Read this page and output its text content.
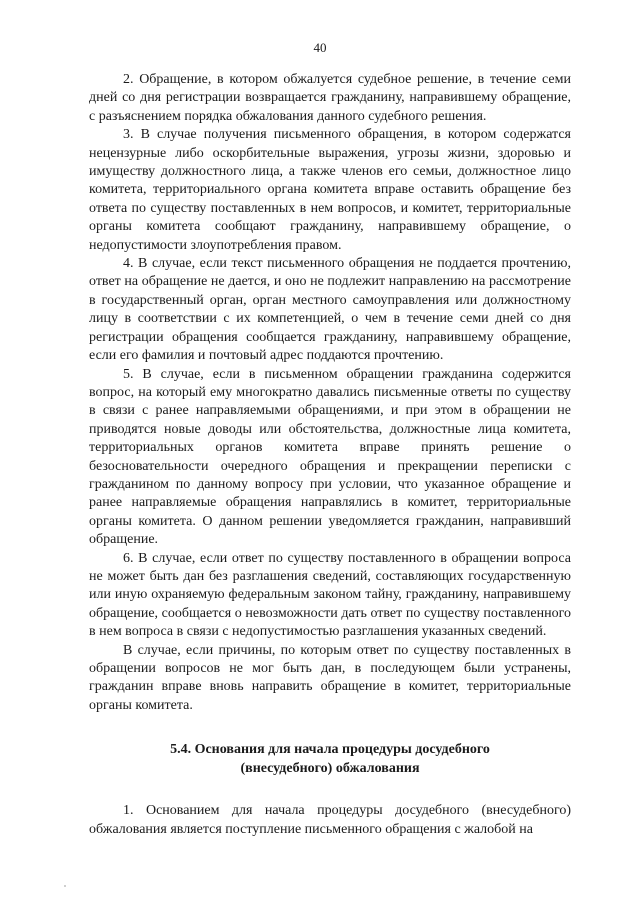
40

2. Обращение, в котором обжалуется судебное решение, в течение семи дней со дня регистрации возвращается гражданину, направившему обращение, с разъяснением порядка обжалования данного судебного решения.

3. В случае получения письменного обращения, в котором содержатся нецензурные либо оскорбительные выражения, угрозы жизни, здоровью и имуществу должностного лица, а также членов его семьи, должностное лицо комитета, территориального органа комитета вправе оставить обращение без ответа по существу поставленных в нем вопросов, и комитет, территориальные органы комитета сообщают гражданину, направившему обращение, о недопустимости злоупотребления правом.

4. В случае, если текст письменного обращения не поддается прочтению, ответ на обращение не дается, и оно не подлежит направлению на рассмотрение в государственный орган, орган местного самоуправления или должностному лицу в соответствии с их компетенцией, о чем в течение семи дней со дня регистрации обращения сообщается гражданину, направившему обращение, если его фамилия и почтовый адрес поддаются прочтению.

5. В случае, если в письменном обращении гражданина содержится вопрос, на который ему многократно давались письменные ответы по существу в связи с ранее направляемыми обращениями, и при этом в обращении не приводятся новые доводы или обстоятельства, должностные лица комитета, территориальных органов комитета вправе принять решение о безосновательности очередного обращения и прекращении переписки с гражданином по данному вопросу при условии, что указанное обращение и ранее направляемые обращения направлялись в комитет, территориальные органы комитета. О данном решении уведомляется гражданин, направивший обращение.

6. В случае, если ответ по существу поставленного в обращении вопроса не может быть дан без разглашения сведений, составляющих государственную или иную охраняемую федеральным законом тайну, гражданину, направившему обращение, сообщается о невозможности дать ответ по существу поставленного в нем вопроса в связи с недопустимостью разглашения указанных сведений.

В случае, если причины, по которым ответ по существу поставленных в обращении вопросов не мог быть дан, в последующем были устранены, гражданин вправе вновь направить обращение в комитет, территориальные органы комитета.

5.4. Основания для начала процедуры досудебного
(внесудебного) обжалования

1. Основанием для начала процедуры досудебного (внесудебного) обжалования является поступление письменного обращения с жалобой на
